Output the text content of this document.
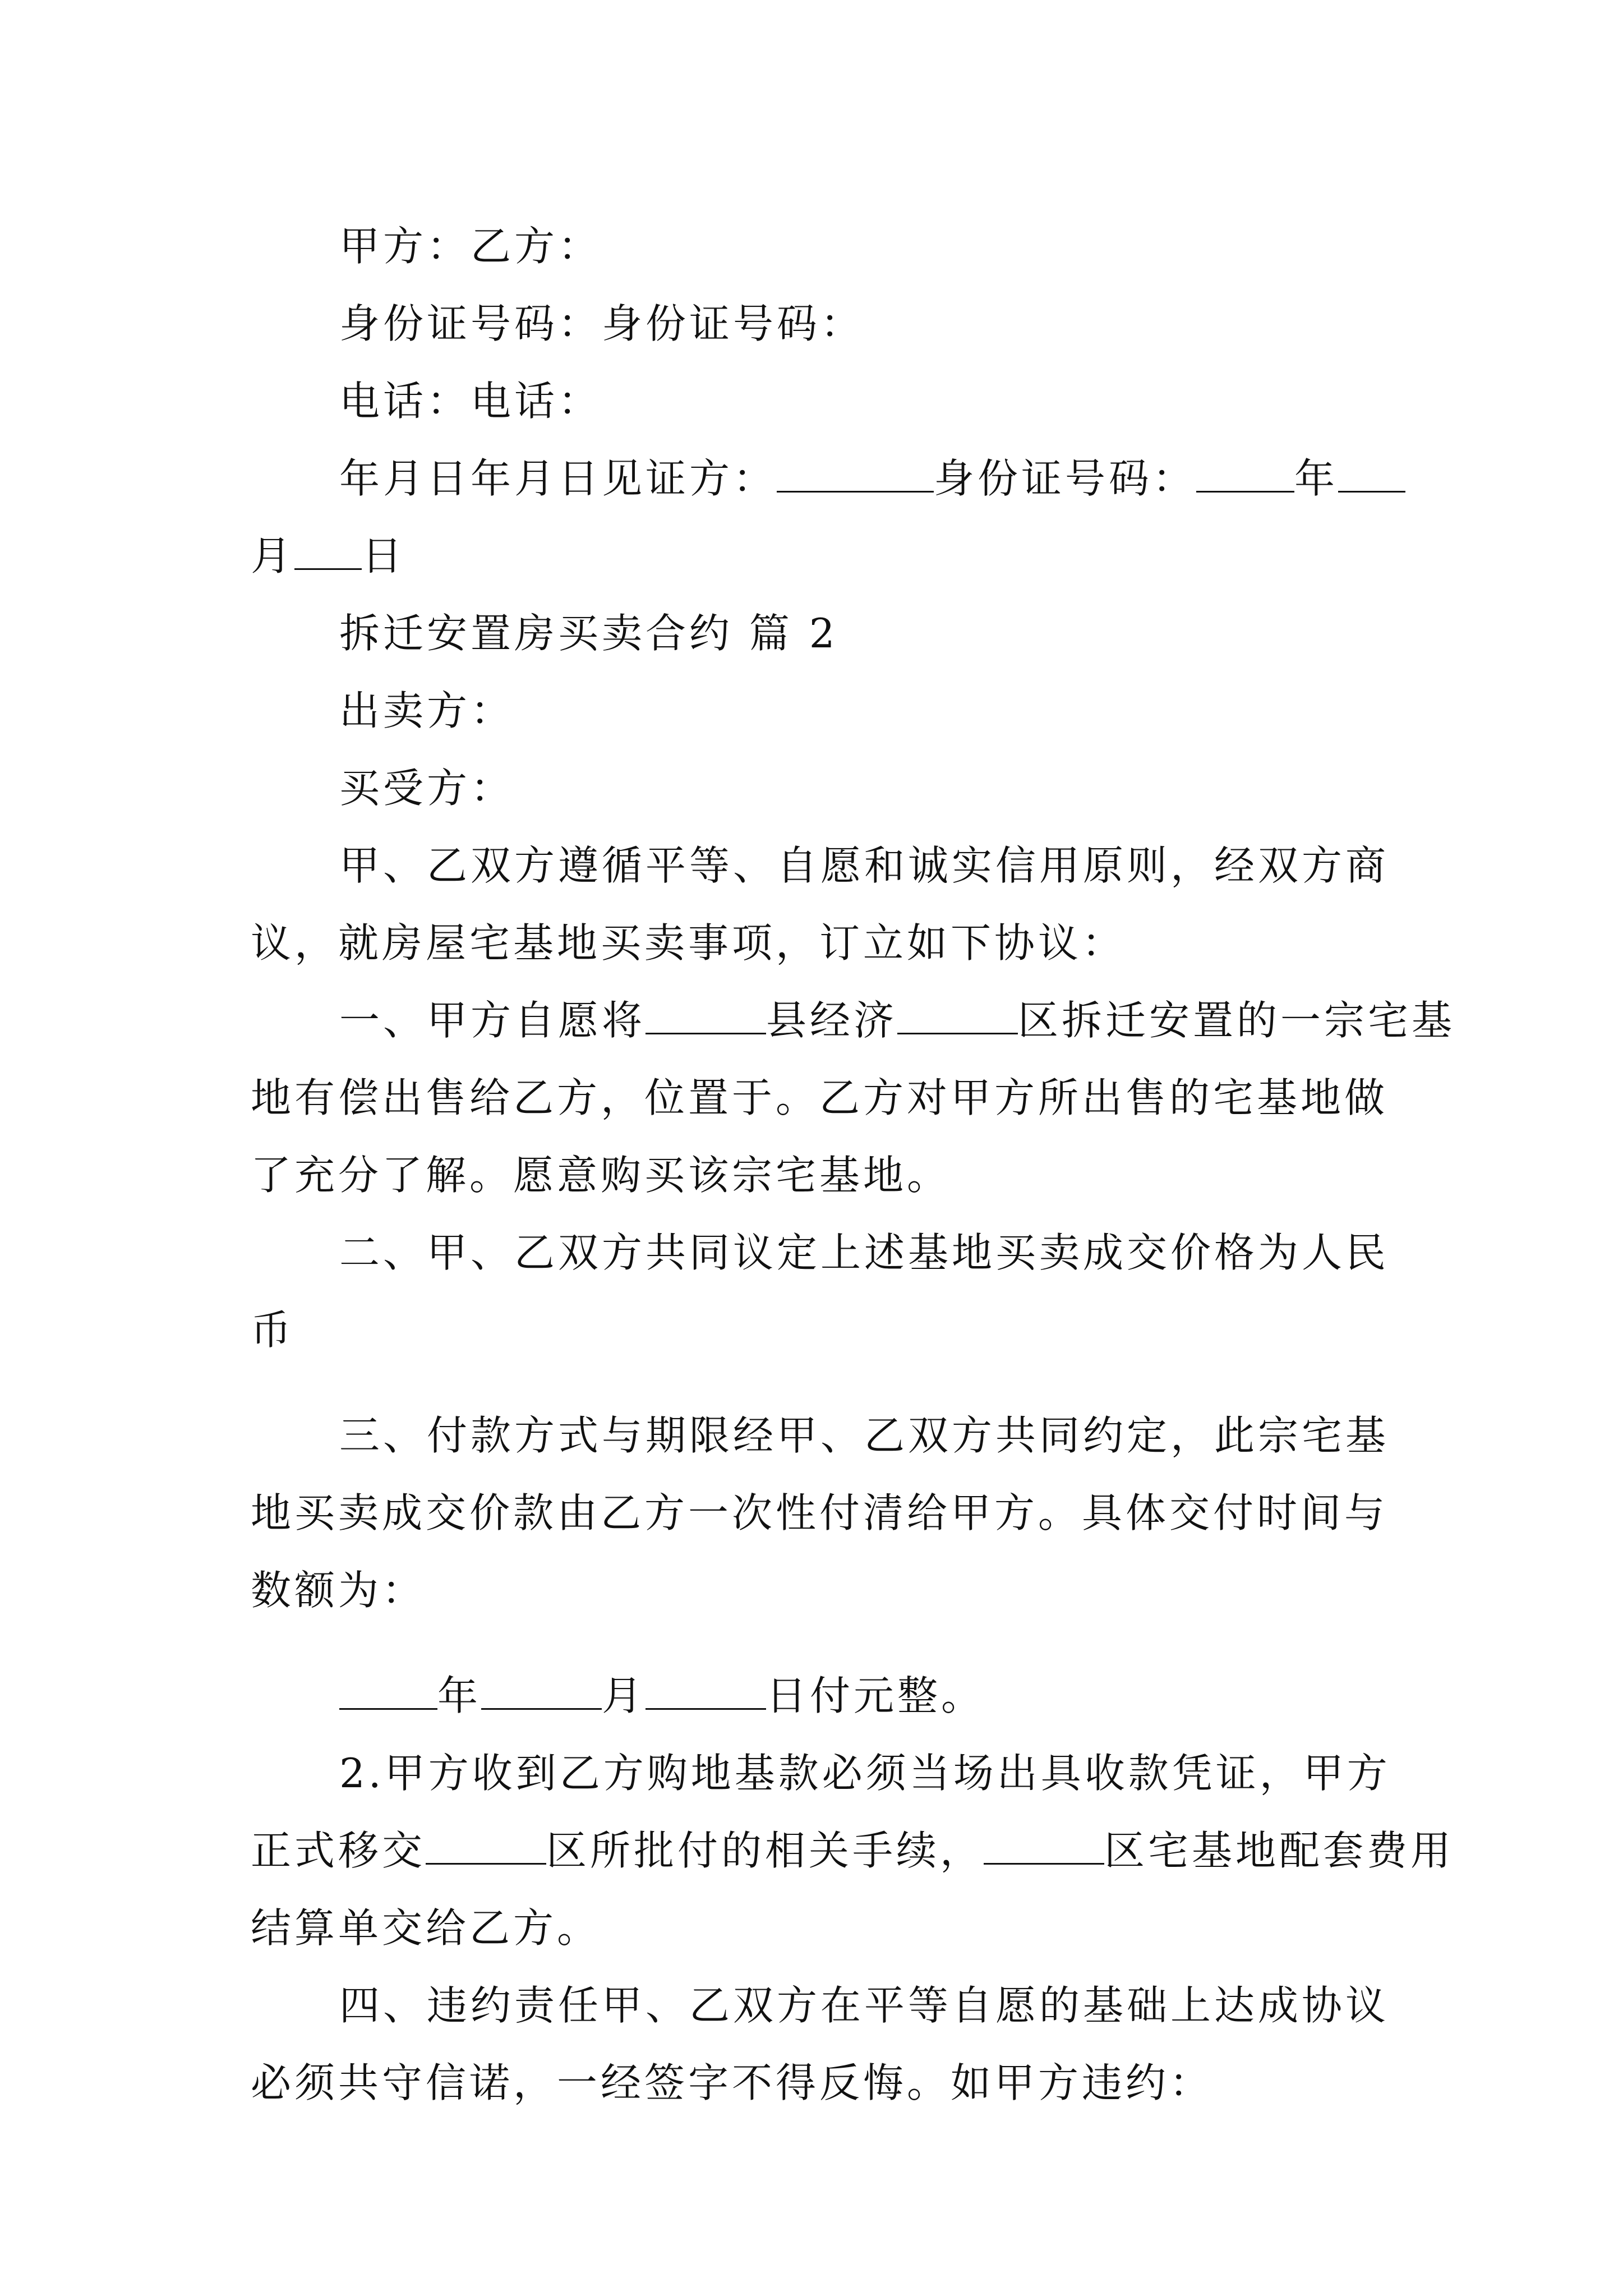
甲方：乙方：
身份证号码：身份证号码：
电话：电话：
年月日年月日见证方：	身份证号码： 年
月 日
拆迁安置房买卖合约 篇 2
出卖方：
买受方：
甲、乙双方遵循平等、自愿和诚实信用原则，经双方商
议，就房屋宅基地买卖事项，订立如下协议：
一、甲方自愿将	县经济	区拆迁安置的一宗宅基
地有偿出售给乙方，位置于。乙方对甲方所出售的宅基地做
了充分了解。愿意购买该宗宅基地。
二、甲、乙双方共同议定上述基地买卖成交价格为人民
币
三、付款方式与期限经甲、乙双方共同约定，此宗宅基
地买卖成交价款由乙方一次性付清给甲方。具体交付时间与
数额为：
年	月	日付元整。
2.甲方收到乙方购地基款必须当场出具收款凭证，甲方
正式移交	区所批付的相关手续，	区宅基地配套费用
结算单交给乙方。
四、违约责任甲、乙双方在平等自愿的基础上达成协议
必须共守信诺，一经签字不得反悔。如甲方违约：
